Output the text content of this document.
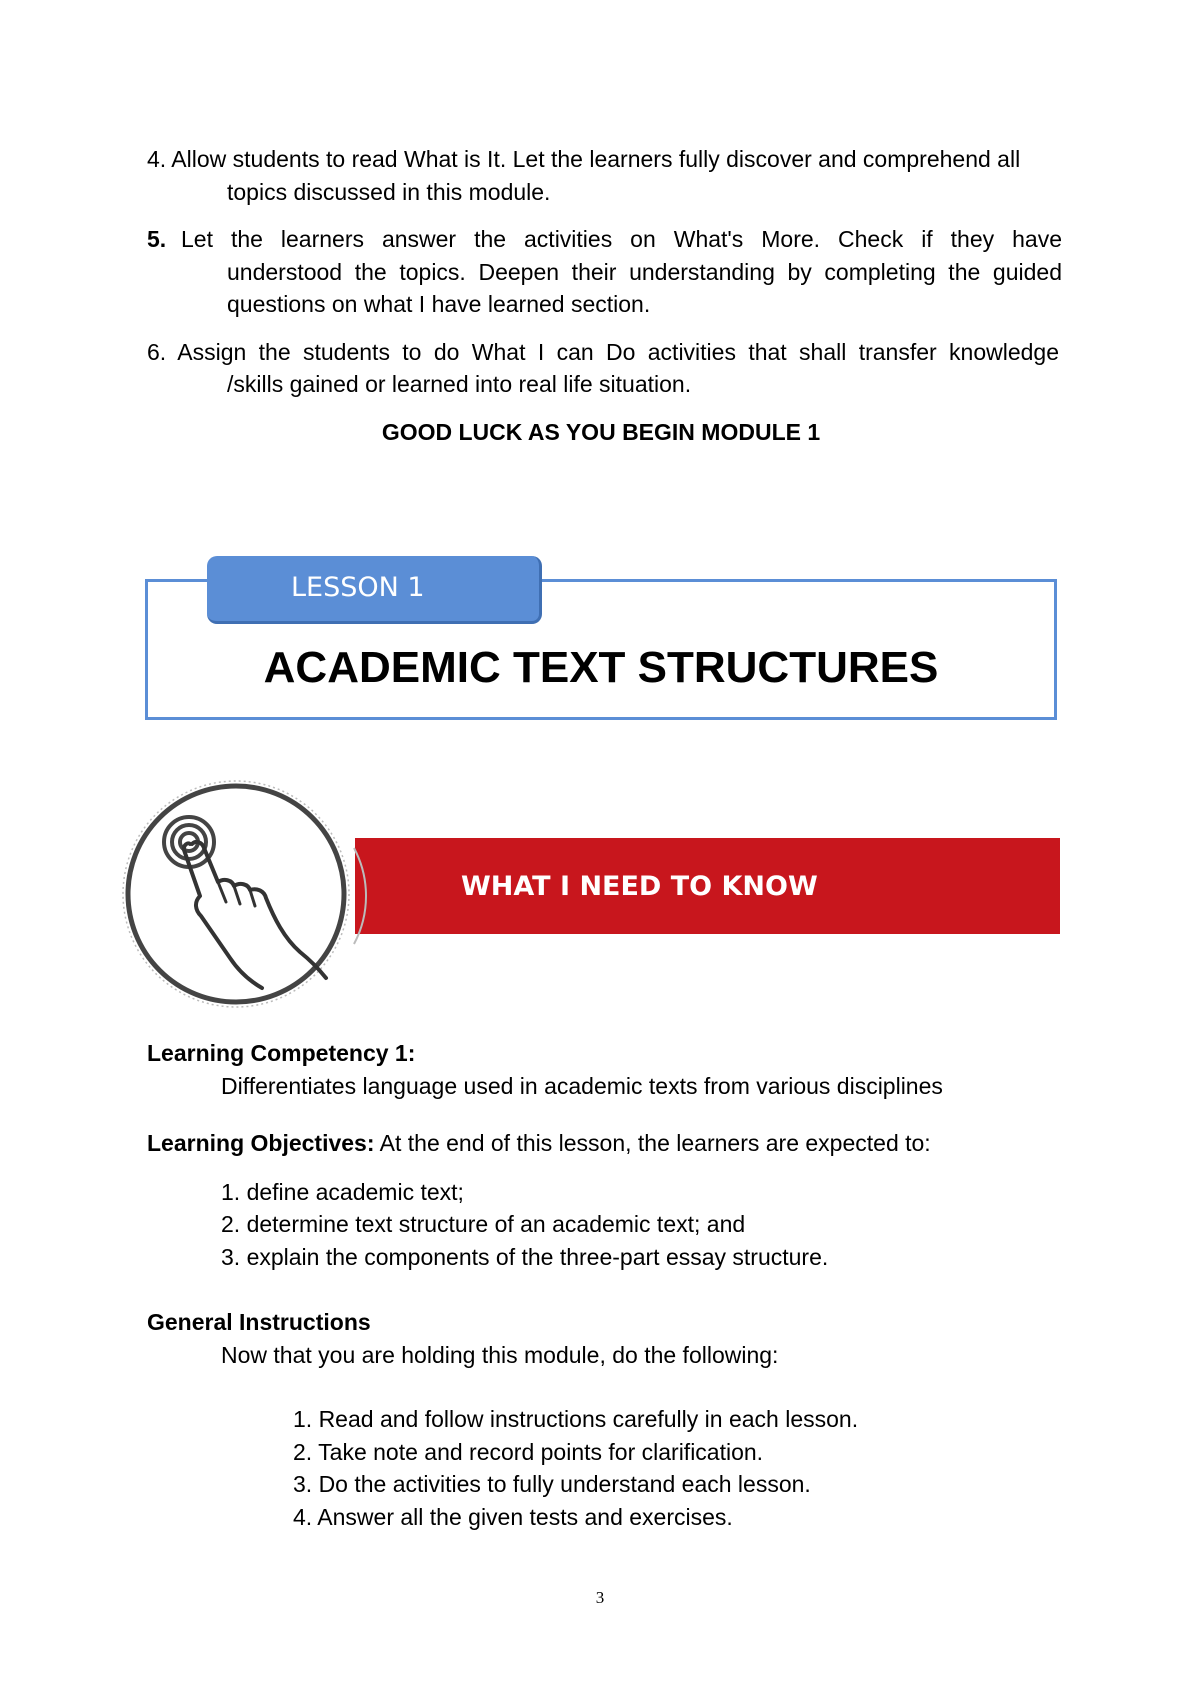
4. Allow students to read What is It. Let the learners fully discover and comprehend all
topics discussed in this module.
5. Let the learners answer the activities on What's More. Check if they have
understood the topics. Deepen their understanding by completing the guided
questions on what I have learned section.
6. Assign the students to do What I can Do activities that shall transfer knowledge
/skills gained or learned into real life situation.
GOOD LUCK AS YOU BEGIN MODULE 1
LESSON 1
ACADEMIC TEXT STRUCTURES
WHAT I NEED TO KNOW
Learning Competency 1:
Differentiates language used in academic texts from various disciplines
Learning Objectives: At the end of this lesson, the learners are expected to:
1. define academic text;
2. determine text structure of an academic text; and
3. explain the components of the three-part essay structure.
General Instructions
Now that you are holding this module, do the following:
1. Read and follow instructions carefully in each lesson.
2. Take note and record points for clarification.
3. Do the activities to fully understand each lesson.
4. Answer all the given tests and exercises.
3
